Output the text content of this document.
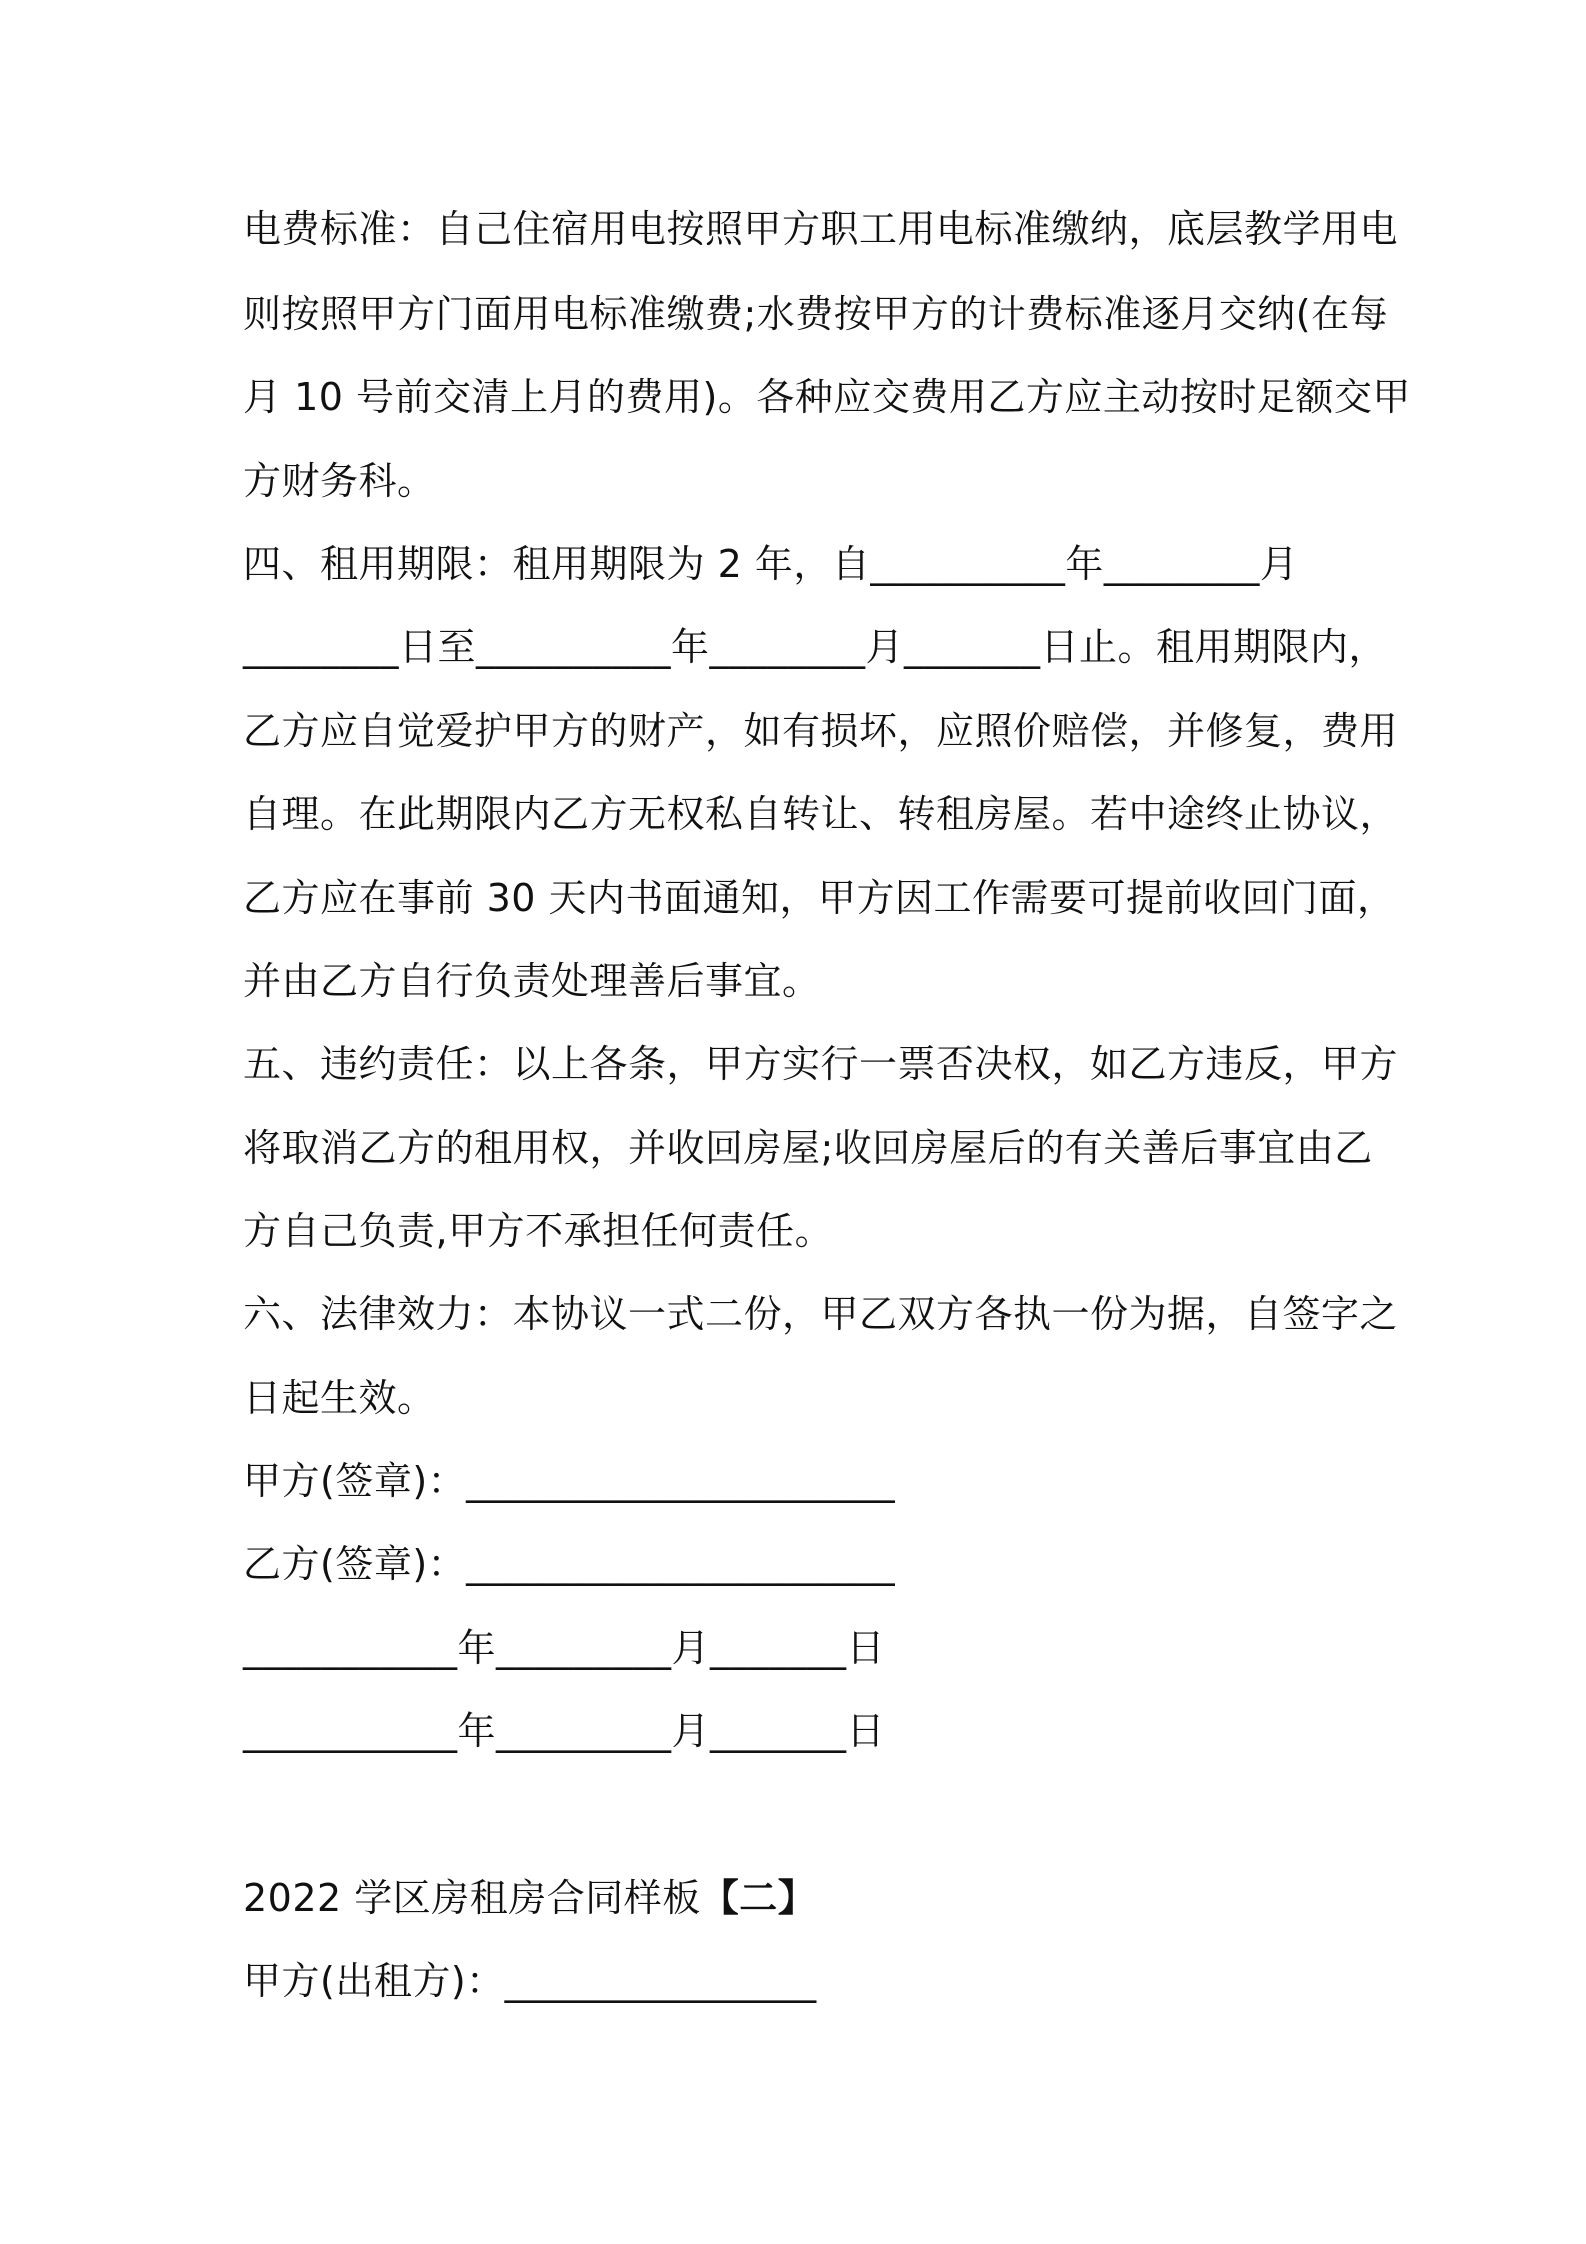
电费标准：自己住宿用电按照甲方职工用电标准缴纳，底层教学用电
则按照甲方门面用电标准缴费;水费按甲方的计费标准逐月交纳(在每
月 10 号前交清上月的费用)。各种应交费用乙方应主动按时足额交甲
方财务科。
四、租用期限：租用期限为 2 年，自__________年________月
________日至__________年________月_______日止。租用期限内，
乙方应自觉爱护甲方的财产，如有损坏，应照价赔偿，并修复，费用
自理。在此期限内乙方无权私自转让、转租房屋。若中途终止协议，
乙方应在事前 30 天内书面通知，甲方因工作需要可提前收回门面，
并由乙方自行负责处理善后事宜。
五、违约责任：以上各条，甲方实行一票否决权，如乙方违反，甲方
将取消乙方的租用权，并收回房屋;收回房屋后的有关善后事宜由乙
方自己负责,甲方不承担任何责任。
六、法律效力：本协议一式二份，甲乙双方各执一份为据，自签字之
日起生效。
甲方(签章)：______________________
乙方(签章)：______________________
___________年_________月_______日
___________年_________月_______日
2022 学区房租房合同样板【二】
甲方(出租方)：________________
